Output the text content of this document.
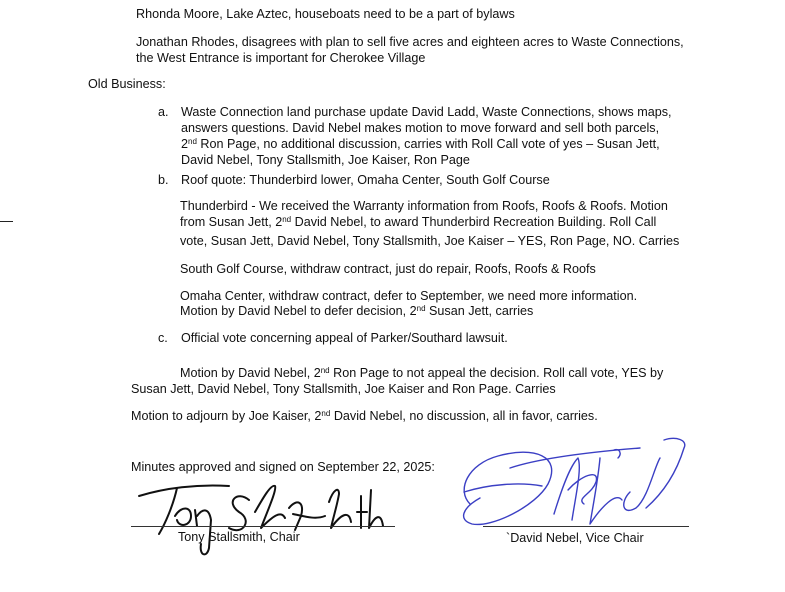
Rhonda Moore, Lake Aztec, houseboats need to be a part of bylaws
Jonathan Rhodes, disagrees with plan to sell five acres and eighteen acres to Waste Connections,
the West Entrance is important for Cherokee Village
Old Business:
a. Waste Connection land purchase update David Ladd, Waste Connections, shows maps,
answers questions. David Nebel makes motion to move forward and sell both parcels,
2nd Ron Page, no additional discussion, carries with Roll Call vote of yes – Susan Jett,
David Nebel, Tony Stallsmith, Joe Kaiser, Ron Page
b. Roof quote: Thunderbird lower, Omaha Center, South Golf Course
Thunderbird - We received the Warranty information from Roofs, Roofs & Roofs. Motion
from Susan Jett, 2nd David Nebel, to award Thunderbird Recreation Building. Roll Call
vote, Susan Jett, David Nebel, Tony Stallsmith, Joe Kaiser – YES, Ron Page, NO. Carries
South Golf Course, withdraw contract, just do repair, Roofs, Roofs & Roofs
Omaha Center, withdraw contract, defer to September, we need more information.
Motion by David Nebel to defer decision, 2nd Susan Jett, carries
c. Official vote concerning appeal of Parker/Southard lawsuit.
Motion by David Nebel, 2nd Ron Page to not appeal the decision. Roll call vote, YES by
Susan Jett, David Nebel, Tony Stallsmith, Joe Kaiser and Ron Page. Carries
Motion to adjourn by Joe Kaiser, 2nd David Nebel, no discussion, all in favor, carries.
Minutes approved and signed on September 22, 2025:
Tony Stallsmith, Chair	`David Nebel, Vice Chair
